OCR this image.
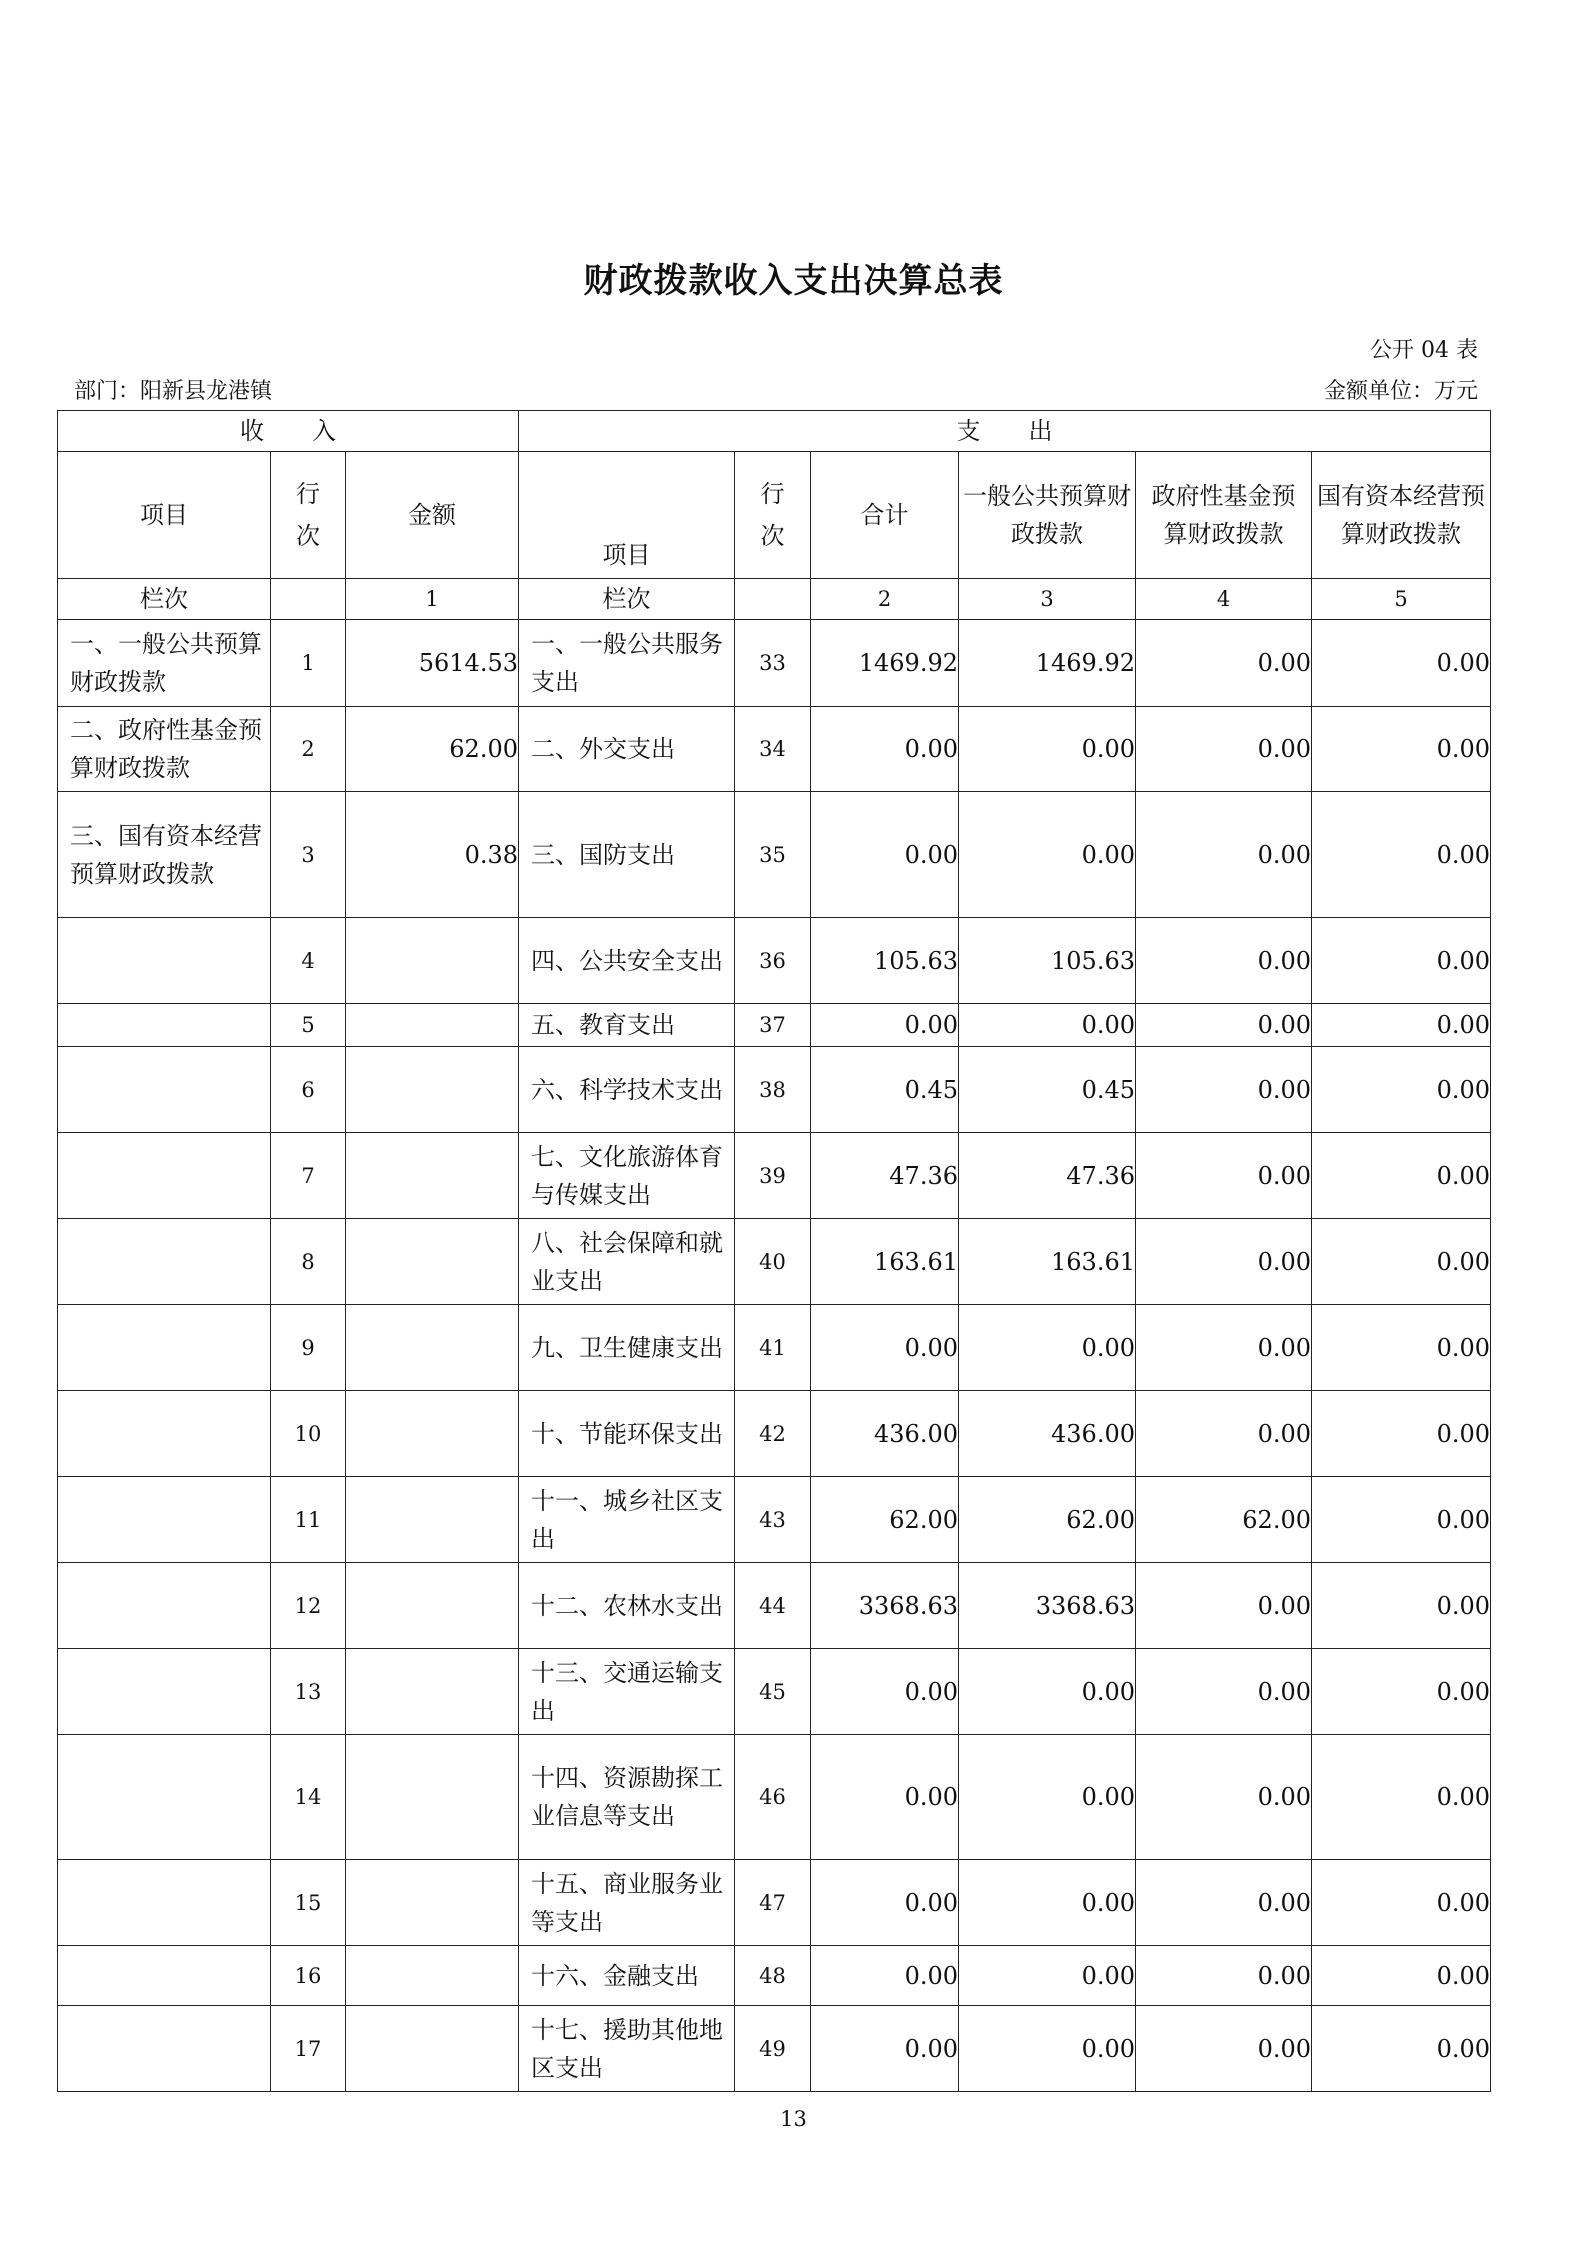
财政拨款收入支出决算总表
公开 04 表
部门：阳新县龙港镇	金额单位：万元
收　　入			支　　出					
项目	行次	金额	项目	行次	合计	一般公共预算财政拨款	政府性基金预算财政拨款	国有资本经营预算财政拨款
栏次		1	栏次		2	3	4	5
一、一般公共预算财政拨款	1	5614.53	一、一般公共服务支出	33	1469.92	1469.92	0.00	0.00
二、政府性基金预算财政拨款	2	62.00	二、外交支出	34	0.00	0.00	0.00	0.00
三、国有资本经营预算财政拨款	3	0.38	三、国防支出	35	0.00	0.00	0.00	0.00
	4		四、公共安全支出	36	105.63	105.63	0.00	0.00
	5		五、教育支出	37	0.00	0.00	0.00	0.00
	6		六、科学技术支出	38	0.45	0.45	0.00	0.00
	7		七、文化旅游体育与传媒支出	39	47.36	47.36	0.00	0.00
	8		八、社会保障和就业支出	40	163.61	163.61	0.00	0.00
	9		九、卫生健康支出	41	0.00	0.00	0.00	0.00
	10		十、节能环保支出	42	436.00	436.00	0.00	0.00
	11		十一、城乡社区支出	43	62.00	62.00	62.00	0.00
	12		十二、农林水支出	44	3368.63	3368.63	0.00	0.00
	13		十三、交通运输支出	45	0.00	0.00	0.00	0.00
	14		十四、资源勘探工业信息等支出	46	0.00	0.00	0.00	0.00
	15		十五、商业服务业等支出	47	0.00	0.00	0.00	0.00
	16		十六、金融支出	48	0.00	0.00	0.00	0.00
	17		十七、援助其他地区支出	49	0.00	0.00	0.00	0.00
13
